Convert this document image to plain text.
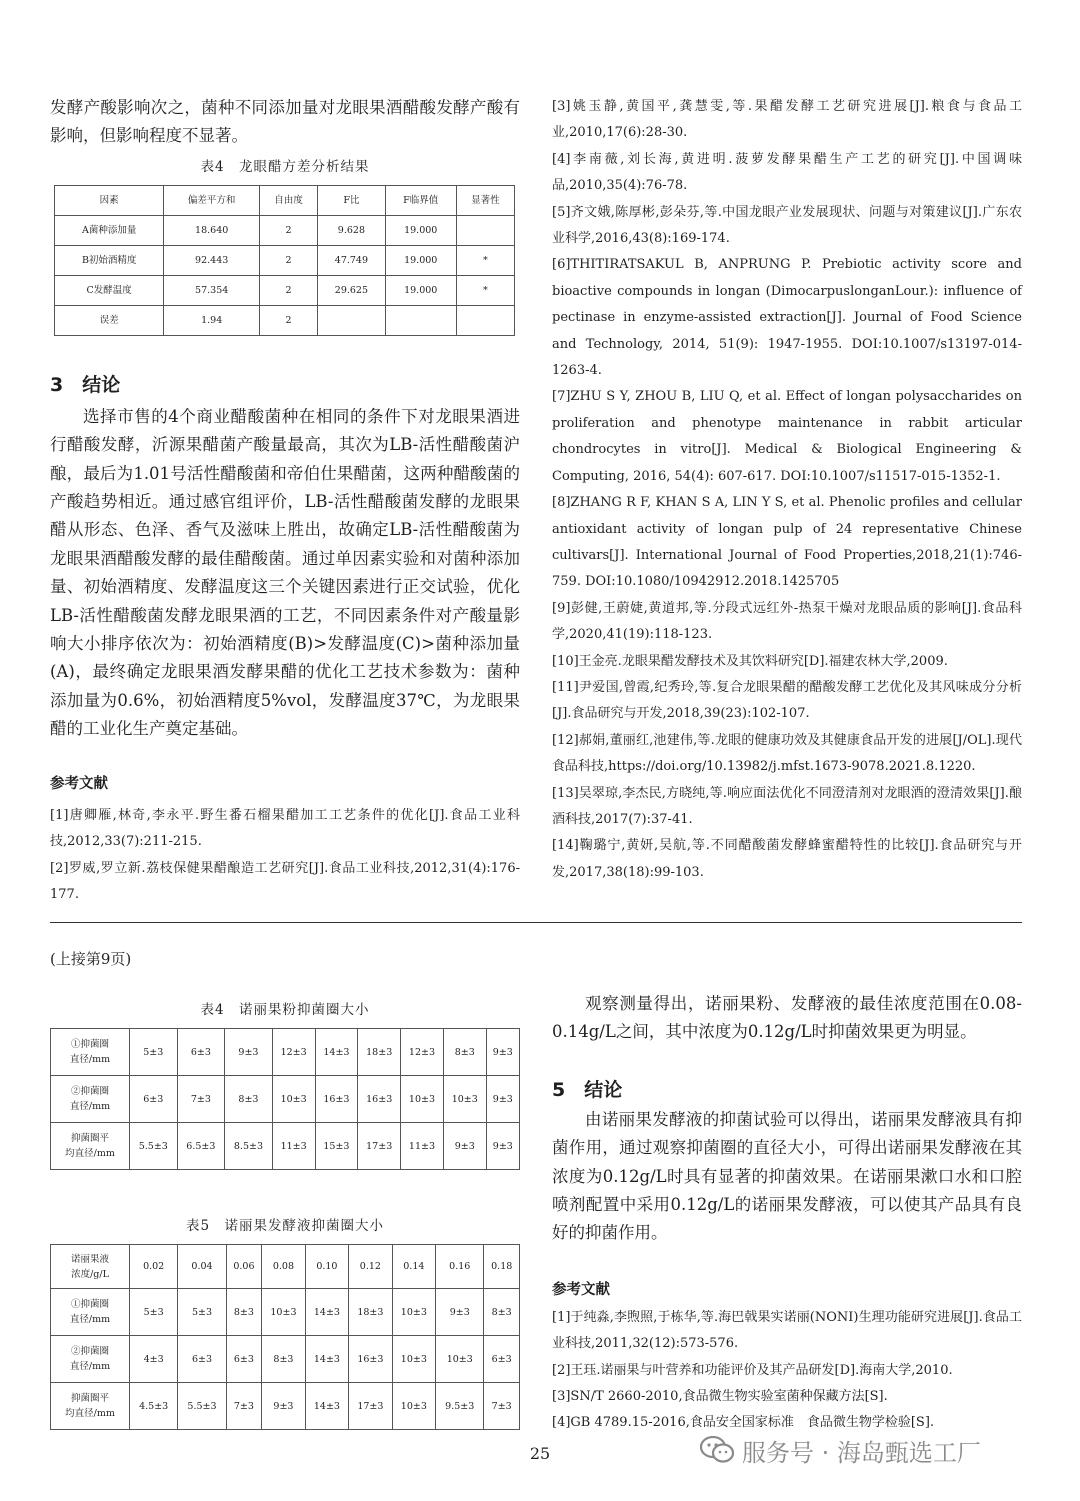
发酵产酸影响次之，菌种不同添加量对龙眼果酒醋酸发酵产酸有影响，但影响程度不显著。

表4　龙眼醋方差分析结果
因素	偏差平方和	自由度	F比	F临界值	显著性
A菌种添加量	18.640	2	9.628	19.000	
B初始酒精度	92.443	2	47.749	19.000	*
C发酵温度	57.354	2	29.625	19.000	*
误差	1.94	2			
3　结论

选择市售的4个商业醋酸菌种在相同的条件下对龙眼果酒进行醋酸发酵，沂源果醋菌产酸量最高，其次为LB-活性醋酸菌沪酿，最后为1.01号活性醋酸菌和帝伯仕果醋菌，这两种醋酸菌的产酸趋势相近。通过感官组评价，LB-活性醋酸菌发酵的龙眼果醋从形态、色泽、香气及滋味上胜出，故确定LB-活性醋酸菌为龙眼果酒醋酸发酵的最佳醋酸菌。通过单因素实验和对菌种添加量、初始酒精度、发酵温度这三个关键因素进行正交试验，优化LB-活性醋酸菌发酵龙眼果酒的工艺，不同因素条件对产酸量影响大小排序依次为：初始酒精度(B)>发酵温度(C)>菌种添加量(A)，最终确定龙眼果酒发酵果醋的优化工艺技术参数为：菌种添加量为0.6%，初始酒精度5%vol，发酵温度37℃，为龙眼果醋的工业化生产奠定基础。

参考文献

[1]唐卿雁,林奇,李永平.野生番石榴果醋加工工艺条件的优化[J].食品工业科技,2012,33(7):211-215.

[2]罗威,罗立新.荔枝保健果醋酿造工艺研究[J].食品工业科技,2012,31(4):176-177.

[3]姚玉静,黄国平,龚慧雯,等.果醋发酵工艺研究进展[J].粮食与食品工业,2010,17(6):28-30.

[4]李南薇,刘长海,黄进明.菠萝发酵果醋生产工艺的研究[J].中国调味品,2010,35(4):76-78.

[5]齐文娥,陈厚彬,彭朵芬,等.中国龙眼产业发展现状、问题与对策建议[J].广东农业科学,2016,43(8):169-174.

[6]THITIRATSAKUL B, ANPRUNG P. Prebiotic activity score and bioactive compounds in longan (DimocarpuslonganLour.): influence of pectinase in enzyme-assisted extraction[J]. Journal of Food Science and Technology, 2014, 51(9): 1947-1955. DOI:10.1007/s13197-014-1263-4.

[7]ZHU S Y, ZHOU B, LIU Q, et al. Effect of longan polysaccharides on proliferation and phenotype maintenance in rabbit articular chondrocytes in vitro[J]. Medical & Biological Engineering & Computing, 2016, 54(4): 607-617. DOI:10.1007/s11517-015-1352-1.

[8]ZHANG R F, KHAN S A, LIN Y S, et al. Phenolic profiles and cellular antioxidant activity of longan pulp of 24 representative Chinese cultivars[J]. International Journal of Food Properties,2018,21(1):746-759. DOI:10.1080/10942912.2018.1425705

[9]彭健,王蔚婕,黄道邦,等.分段式远红外-热泵干燥对龙眼品质的影响[J].食品科学,2020,41(19):118-123.

[10]王金亮.龙眼果醋发酵技术及其饮料研究[D].福建农林大学,2009.

[11]尹爱国,曾霞,纪秀玲,等.复合龙眼果醋的醋酸发酵工艺优化及其风味成分分析[J].食品研究与开发,2018,39(23):102-107.

[12]郝娟,董丽红,池建伟,等.龙眼的健康功效及其健康食品开发的进展[J/OL].现代食品科技,https://doi.org/10.13982/j.mfst.1673-9078.2021.8.1220.

[13]吴翠琼,李杰民,方晓纯,等.响应面法优化不同澄清剂对龙眼酒的澄清效果[J].酿酒科技,2017(7):37-41.

[14]鞠璐宁,黄妍,吴航,等.不同醋酸菌发酵蜂蜜醋特性的比较[J].食品研究与开发,2017,38(18):99-103.

(上接第9页)
表4　诺丽果粉抑菌圈大小
①抑菌圈
直径/mm	5±3	6±3	9±3	12±3	14±3	18±3	12±3	8±3	9±3

②抑菌圈
直径/mm	6±3	7±3	8±3	10±3	16±3	16±3	10±3	10±3	9±3

抑菌圈平
均直径/mm	5.5±3	6.5±3	8.5±3	11±3	15±3	17±3	11±3	9±3	9±3
表5　诺丽果发酵液抑菌圈大小
诺丽果液
浓度/g/L	0.02	0.04	0.06	0.08	0.10	0.12	0.14	0.16	0.18

①抑菌圈
直径/mm	5±3	5±3	8±3	10±3	14±3	18±3	10±3	9±3	8±3

②抑菌圈
直径/mm	4±3	6±3	6±3	8±3	14±3	16±3	10±3	10±3	6±3

抑菌圈平
均直径/mm	4.5±3	5.5±3	7±3	9±3	14±3	17±3	10±3	9.5±3	7±3

观察测量得出，诺丽果粉、发酵液的最佳浓度范围在0.08-0.14g/L之间，其中浓度为0.12g/L时抑菌效果更为明显。

5　结论

由诺丽果发酵液的抑菌试验可以得出，诺丽果发酵液具有抑菌作用，通过观察抑菌圈的直径大小，可得出诺丽果发酵液在其浓度为0.12g/L时具有显著的抑菌效果。在诺丽果漱口水和口腔喷剂配置中采用0.12g/L的诺丽果发酵液，可以使其产品具有良好的抑菌作用。

参考文献

[1]于纯淼,李煦照,于栋华,等.海巴戟果实诺丽(NONI)生理功能研究进展[J].食品工业科技,2011,32(12):573-576.

[2]王珏.诺丽果与叶营养和功能评价及其产品研发[D].海南大学,2010.

[3]SN/T 2660-2010,食品微生物实验室菌种保藏方法[S].

[4]GB 4789.15-2016,食品安全国家标准　食品微生物学检验[S].

25	服务号 · 海岛甄选工厂
